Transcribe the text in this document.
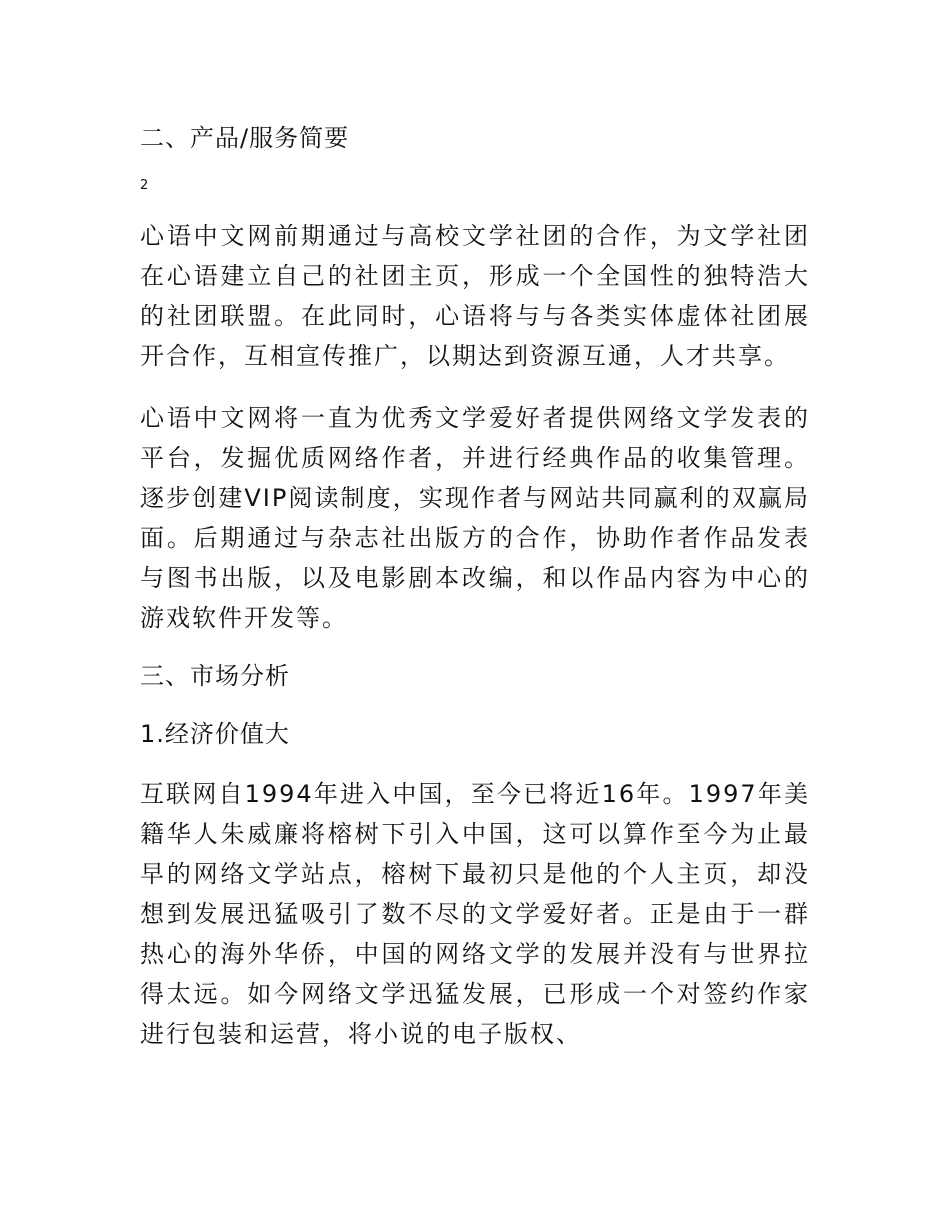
二、产品/服务简要
2

心语中文网前期通过与高校文学社团的合作，为文学社团在心语建立自己的社团主页，形成一个全国性的独特浩大的社团联盟。在此同时，心语将与与各类实体虚体社团展开合作，互相宣传推广，以期达到资源互通，人才共享。

心语中文网将一直为优秀文学爱好者提供网络文学发表的平台，发掘优质网络作者，并进行经典作品的收集管理。逐步创建VIP阅读制度，实现作者与网站共同赢利的双赢局面。后期通过与杂志社出版方的合作，协助作者作品发表与图书出版，以及电影剧本改编，和以作品内容为中心的游戏软件开发等。

三、市场分析
1.经济价值大

互联网自1994年进入中国，至今已将近16年。1997年美籍华人朱威廉将榕树下引入中国，这可以算作至今为止最早的网络文学站点，榕树下最初只是他的个人主页，却没想到发展迅猛吸引了数不尽的文学爱好者。正是由于一群热心的海外华侨，中国的网络文学的发展并没有与世界拉得太远。如今网络文学迅猛发展，已形成一个对签约作家进行包装和运营，将小说的电子版权、
